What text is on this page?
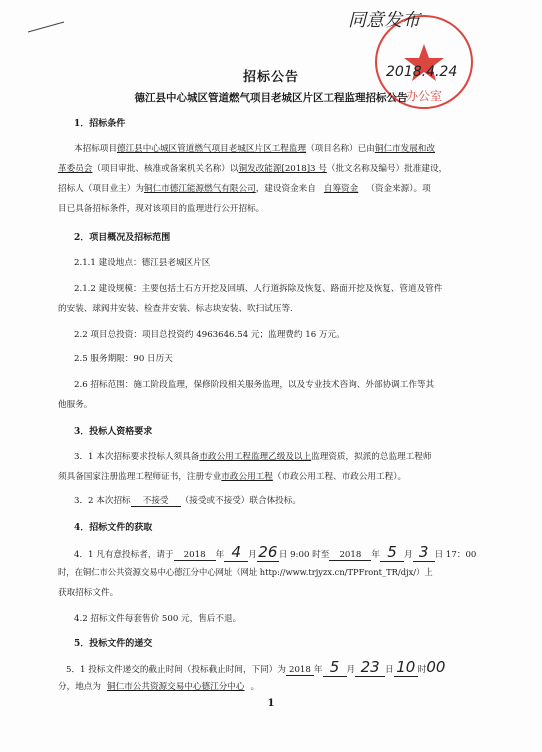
办公室
同意发布
2018.4.24
招标公告
德江县中心城区管道燃气项目老城区片区工程监理招标公告
1．招标条件
本招标项目德江县中心城区管道燃气项目老城区片区工程监理（项目名称）已由铜仁市发展和改
革委员会（项目审批、核准或备案机关名称）以铜发改能源[2018]3 号（批文名称及编号）批准建设，
招标人（项目业主）为铜仁市德江能源燃气有限公司，建设资金来自 自筹资金 （资金来源）。项
目已具备招标条件，现对该项目的监理进行公开招标。
2．项目概况及招标范围
2.1.1 建设地点：德江县老城区片区
2.1.2 建设规模：主要包括土石方开挖及回填、人行道拆除及恢复、路面开挖及恢复、管道及管件
的安装、球阀井安装、检查井安装、标志块安装、吹扫试压等.
2.2 项目总投资：项目总投资约 4963646.54 元；监理费约 16 万元。
2.5 服务期限：90 日历天
2.6 招标范围：施工阶段监理，保修阶段相关服务监理，以及专业技术咨询、外部协调工作等其
他服务。
3．投标人资格要求
3．1 本次招标要求投标人须具备市政公用工程监理乙级及以上监理资质，拟派的总监理工程师
须具备国家注册监理工程师证书，注册专业市政公用工程（市政公用工程、市政公用工程）。
3．2 本次招标 不接受 （接受或不接受）联合体投标。
4．招标文件的获取
4．1 凡有意投标者，请于 2018 年 4 月26日 9:00 时至 2018 年 5 月 3 日 17：00
时，在铜仁市公共资源交易中心德江分中心网址（网址 http://www.trjyzx.cn/TPFront_TR/djx/）上
获取招标文件。
4.2 招标文件每套售价 500 元，售后不退。
5．投标文件的递交
5．1 投标文件递交的截止时间（投标截止时间，下同）为 2018 年 5 月 23 日 10 时00
分，地点为 铜仁市公共资源交易中心德江分中心 。
1
